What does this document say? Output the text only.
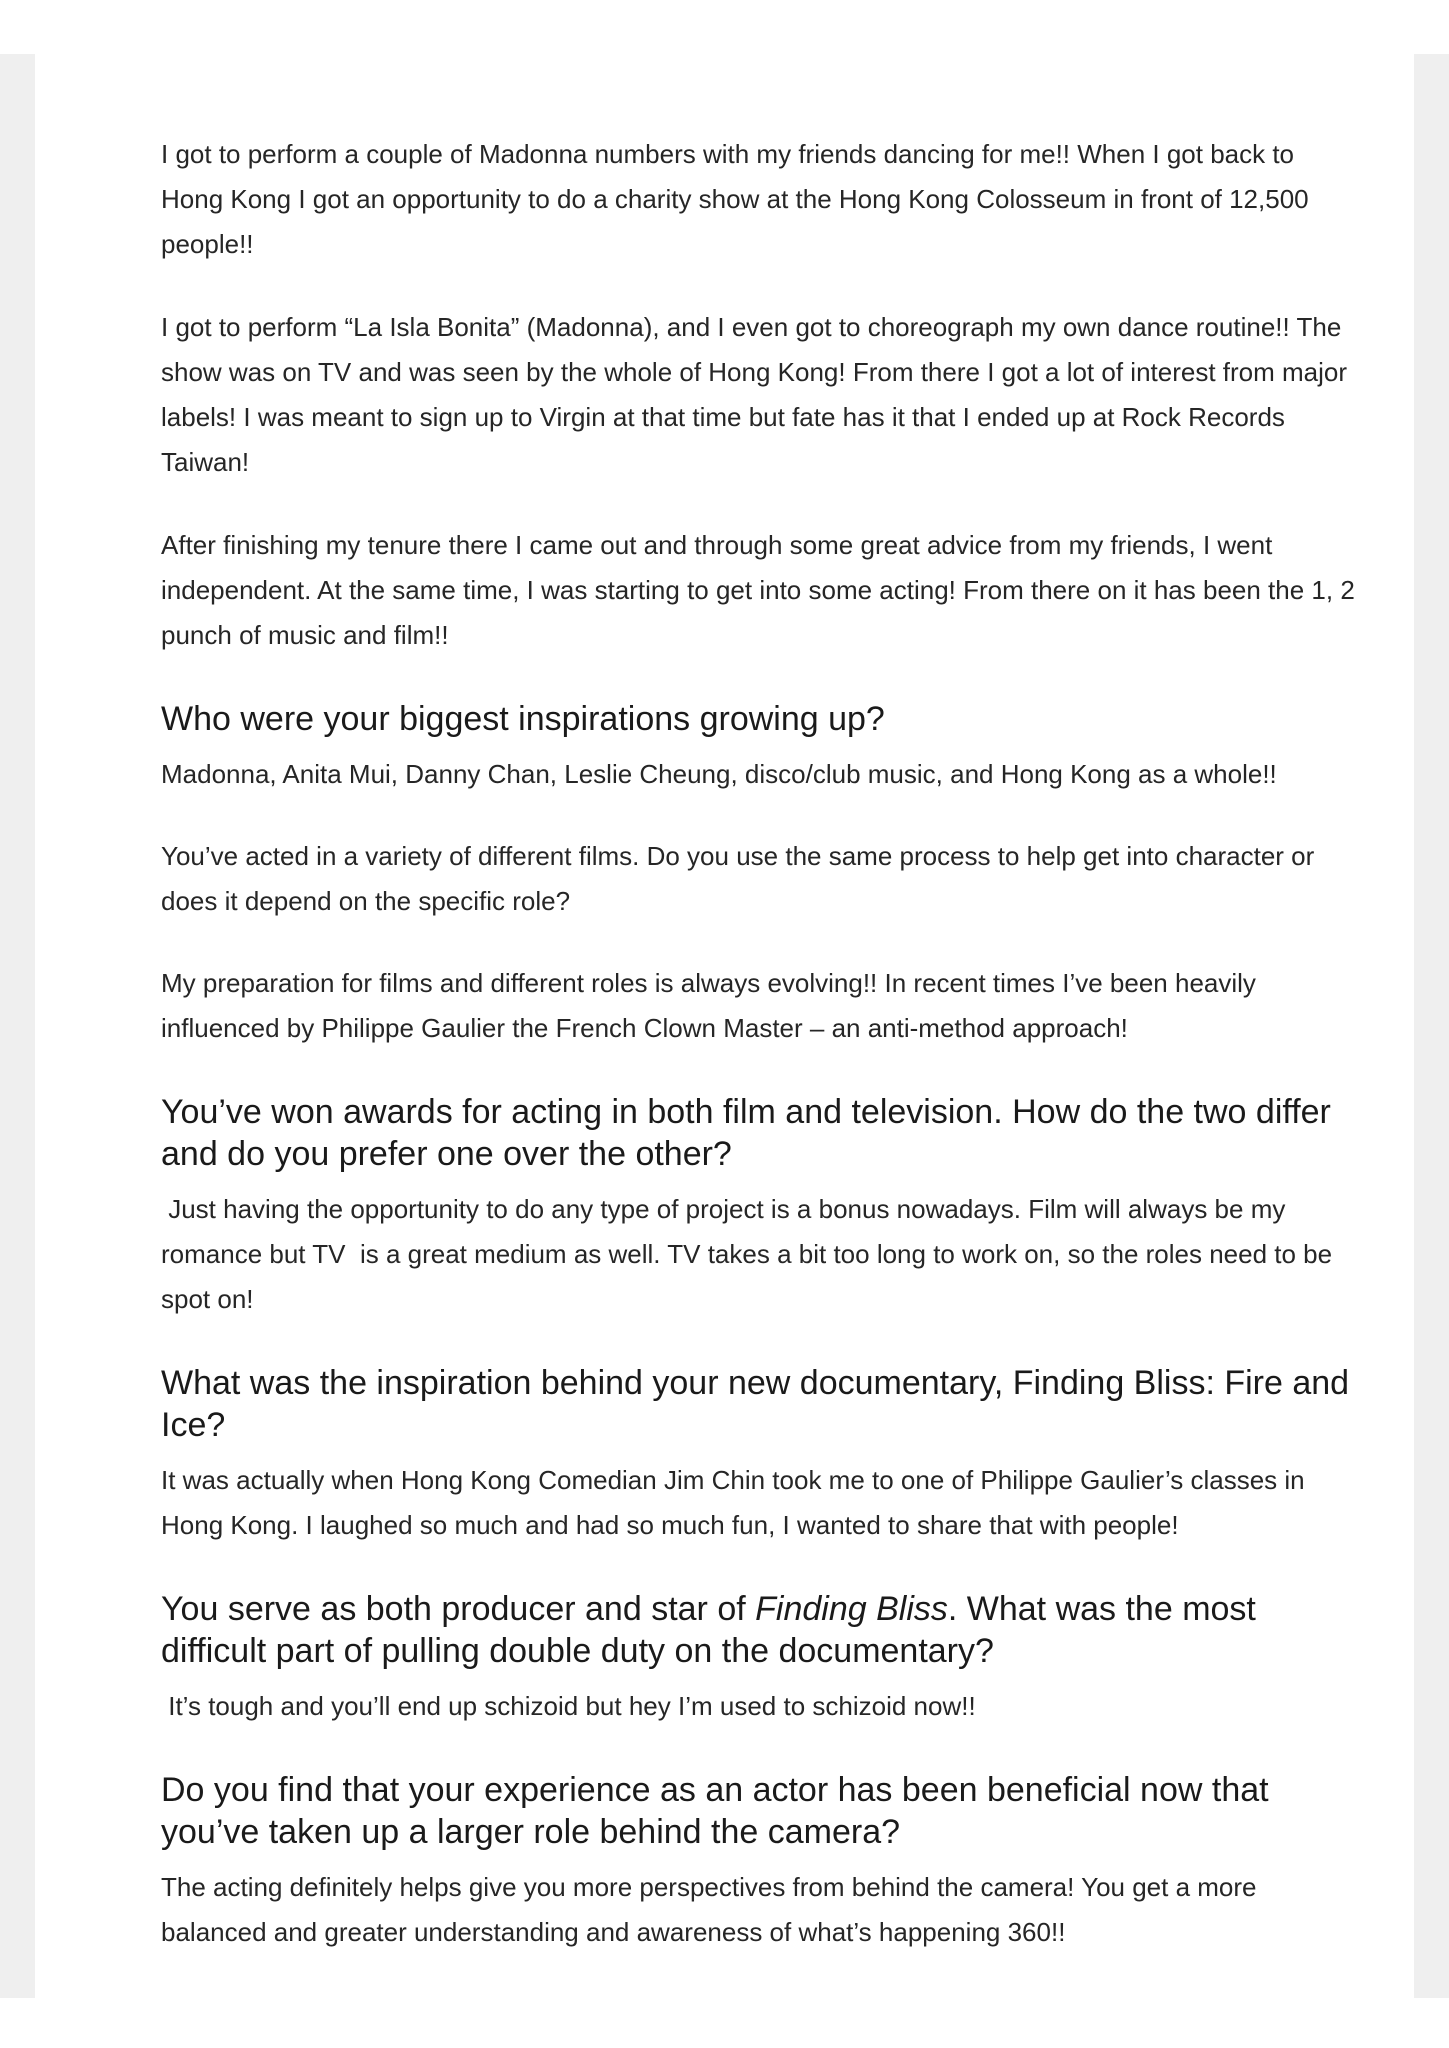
I got to perform a couple of Madonna numbers with my friends dancing for me!! When I got back to Hong Kong I got an opportunity to do a charity show at the Hong Kong Colosseum in front of 12,500 people!!

I got to perform “La Isla Bonita” (Madonna), and I even got to choreograph my own dance routine!! The show was on TV and was seen by the whole of Hong Kong! From there I got a lot of interest from major labels! I was meant to sign up to Virgin at that time but fate has it that I ended up at Rock Records Taiwan!

After finishing my tenure there I came out and through some great advice from my friends, I went independent. At the same time, I was starting to get into some acting! From there on it has been the 1, 2 punch of music and film!!

Who were your biggest inspirations growing up?

Madonna, Anita Mui, Danny Chan, Leslie Cheung, disco/club music, and Hong Kong as a whole!!

You’ve acted in a variety of different films. Do you use the same process to help get into character or does it depend on the specific role?

My preparation for films and different roles is always evolving!! In recent times I’ve been heavily influenced by Philippe Gaulier the French Clown Master – an anti-method approach!

You’ve won awards for acting in both film and television. How do the two differ and do you prefer one over the other?

Just having the opportunity to do any type of project is a bonus nowadays. Film will always be my romance but TV  is a great medium as well. TV takes a bit too long to work on, so the roles need to be spot on!

What was the inspiration behind your new documentary, Finding Bliss: Fire and Ice?

It was actually when Hong Kong Comedian Jim Chin took me to one of Philippe Gaulier’s classes in Hong Kong. I laughed so much and had so much fun, I wanted to share that with people!

You serve as both producer and star of Finding Bliss. What was the most difficult part of pulling double duty on the documentary?

It’s tough and you’ll end up schizoid but hey I’m used to schizoid now!!

Do you find that your experience as an actor has been beneficial now that you’ve taken up a larger role behind the camera?

The acting definitely helps give you more perspectives from behind the camera! You get a more balanced and greater understanding and awareness of what’s happening 360!!
